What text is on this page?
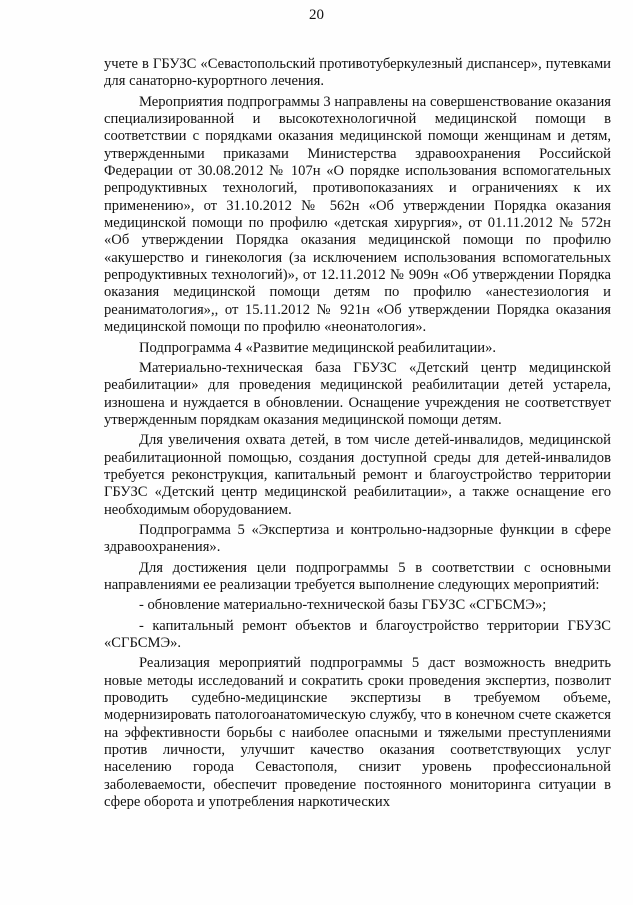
20

учете в ГБУЗС «Севастопольский противотуберкулезный диспансер», путевками для санаторно-курортного лечения.

Мероприятия подпрограммы 3 направлены на совершенствование оказания специализированной и высокотехнологичной медицинской помощи в соответствии с порядками оказания медицинской помощи женщинам и детям, утвержденными приказами Министерства здравоохранения Российской Федерации от 30.08.2012 № 107н «О порядке использования вспомогательных репродуктивных технологий, противопоказаниях и ограничениях к их применению», от 31.10.2012 № 562н «Об утверждении Порядка оказания медицинской помощи по профилю «детская хирургия», от 01.11.2012 № 572н «Об утверждении Порядка оказания медицинской помощи по профилю «акушерство и гинекология (за исключением использования вспомогательных репродуктивных технологий)», от 12.11.2012 № 909н «Об утверждении Порядка оказания медицинской помощи детям по профилю «анестезиология и реаниматология»,, от 15.11.2012 № 921н «Об утверждении Порядка оказания медицинской помощи по профилю «неонатология».

Подпрограмма 4 «Развитие медицинской реабилитации».

Материально-техническая база ГБУЗС «Детский центр медицинской реабилитации» для проведения медицинской реабилитации детей устарела, изношена и нуждается в обновлении. Оснащение учреждения не соответствует утвержденным порядкам оказания медицинской помощи детям.

Для увеличения охвата детей, в том числе детей-инвалидов, медицинской реабилитационной помощью, создания доступной среды для детей-инвалидов требуется реконструкция, капитальный ремонт и благоустройство территории ГБУЗС «Детский центр медицинской реабилитации», а также оснащение его необходимым оборудованием.

Подпрограмма 5 «Экспертиза и контрольно-надзорные функции в сфере здравоохранения».

Для достижения цели подпрограммы 5 в соответствии с основными направлениями ее реализации требуется выполнение следующих мероприятий:

- обновление материально-технической базы ГБУЗС «СГБСМЭ»;

- капитальный ремонт объектов и благоустройство территории ГБУЗС «СГБСМЭ».

Реализация мероприятий подпрограммы 5 даст возможность внедрить новые методы исследований и сократить сроки проведения экспертиз, позволит проводить судебно-медицинские экспертизы в требуемом объеме, модернизировать патологоанатомическую службу, что в конечном счете скажется на эффективности борьбы с наиболее опасными и тяжелыми преступлениями против личности, улучшит качество оказания соответствующих услуг населению города Севастополя, снизит уровень профессиональной заболеваемости, обеспечит проведение постоянного мониторинга ситуации в сфере оборота и употребления наркотических
